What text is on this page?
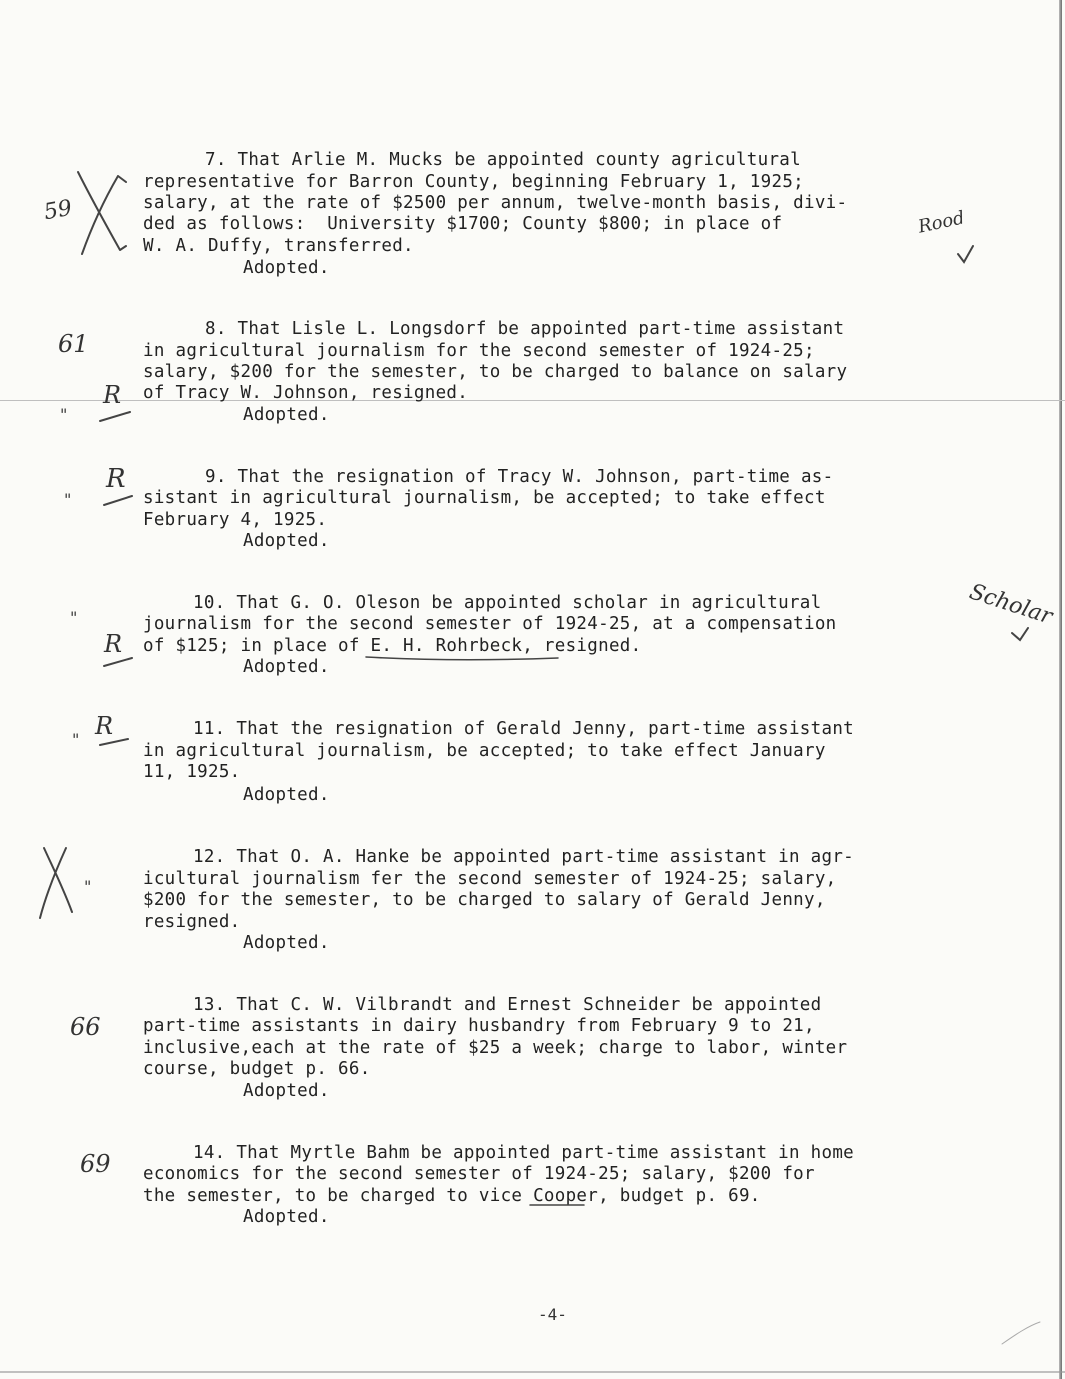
7. That Arlie M. Mucks be appointed county agricultural

representative for Barron County, beginning February 1, 1925;

salary, at the rate of $2500 per annum, twelve-month basis, divi-

ded as follows:  University $1700; County $800; in place of

W. A. Duffy, transferred.

Adopted.

8. That Lisle L. Longsdorf be appointed part-time assistant

in agricultural journalism for the second semester of 1924-25;

salary, $200 for the semester, to be charged to balance on salary

of Tracy W. Johnson, resigned.

Adopted.

9. That the resignation of Tracy W. Johnson, part-time as-

sistant in agricultural journalism, be accepted; to take effect

February 4, 1925.

Adopted.

10. That G. O. Oleson be appointed scholar in agricultural

journalism for the second semester of 1924-25, at a compensation

of $125; in place of E. H. Rohrbeck, resigned.

Adopted.

11. That the resignation of Gerald Jenny, part-time assistant

in agricultural journalism, be accepted; to take effect January

11, 1925.

Adopted.

12. That O. A. Hanke be appointed part-time assistant in agr-

icultural journalism fer the second semester of 1924-25; salary,

$200 for the semester, to be charged to salary of Gerald Jenny,

resigned.

Adopted.

13. That C. W. Vilbrandt and Ernest Schneider be appointed

part-time assistants in dairy husbandry from February 9 to 21,

inclusive,each at the rate of $25 a week; charge to labor, winter

course, budget p. 66.

Adopted.

14. That Myrtle Bahm be appointed part-time assistant in home

economics for the second semester of 1924-25; salary, $200 for

the semester, to be charged to vice Cooper, budget p. 69.

Adopted.

59
61
66
69
Rood
Scholar
R
R
R
R
"
"
"
"
"
-4-
